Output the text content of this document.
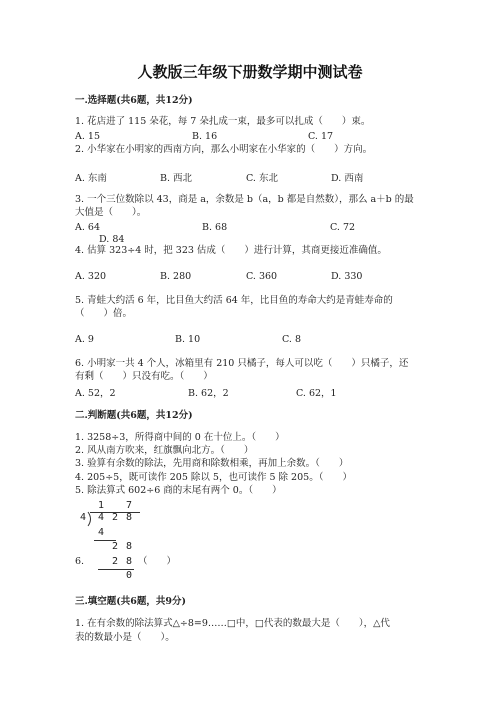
人教版三年级下册数学期中测试卷
一.选择题(共6题，共12分)
1. 花店进了 115 朵花，每 7 朵扎成一束，最多可以扎成（　　）束。
A. 15	B. 16	C. 17
2. 小华家在小明家的西南方向，那么小明家在小华家的（　　）方向。
A. 东南	B. 西北	C. 东北	D. 西南
3. 一个三位数除以 43，商是 a，余数是 b（a，b 都是自然数），那么 a＋b 的最
大值是（　　）。
A. 64	B. 68	C. 72
D. 84
4. 估算 323÷4 时，把 323 估成（　　）进行计算，其商更接近准确值。
A. 320	B. 280	C. 360	D. 330
5. 青蛙大约活 6 年，比目鱼大约活 64 年，比目鱼的寿命大约是青蛙寿命的
（　　）倍。
A. 9	B. 10	C. 8
6. 小明家一共 4 个人，冰箱里有 210 只橘子，每人可以吃（　　）只橘子，还
有剩（　　）只没有吃。（　　）
A. 52，2	B. 62，2	C. 62，1
二.判断题(共6题，共12分)
1. 3258÷3，所得商中间的 0 在十位上。（　　）
2. 风从南方吹来，红旗飘向北方。（　　）
3. 验算有余数的除法，先用商和除数相乘，再加上余数。（　　）
4. 205÷5，既可读作 205 除以 5，也可读作 5 除 205。（　　）
5. 除法算式 602÷6 商的末尾有两个 0。（　　）
1 7
4 4 2 8
4
2 8
2 8
0
6.	（　　）
三.填空题(共6题，共9分)
1. 在有余数的除法算式△÷8=9……□中，□代表的数最大是（　　），△代
表的数最小是（　　）。
